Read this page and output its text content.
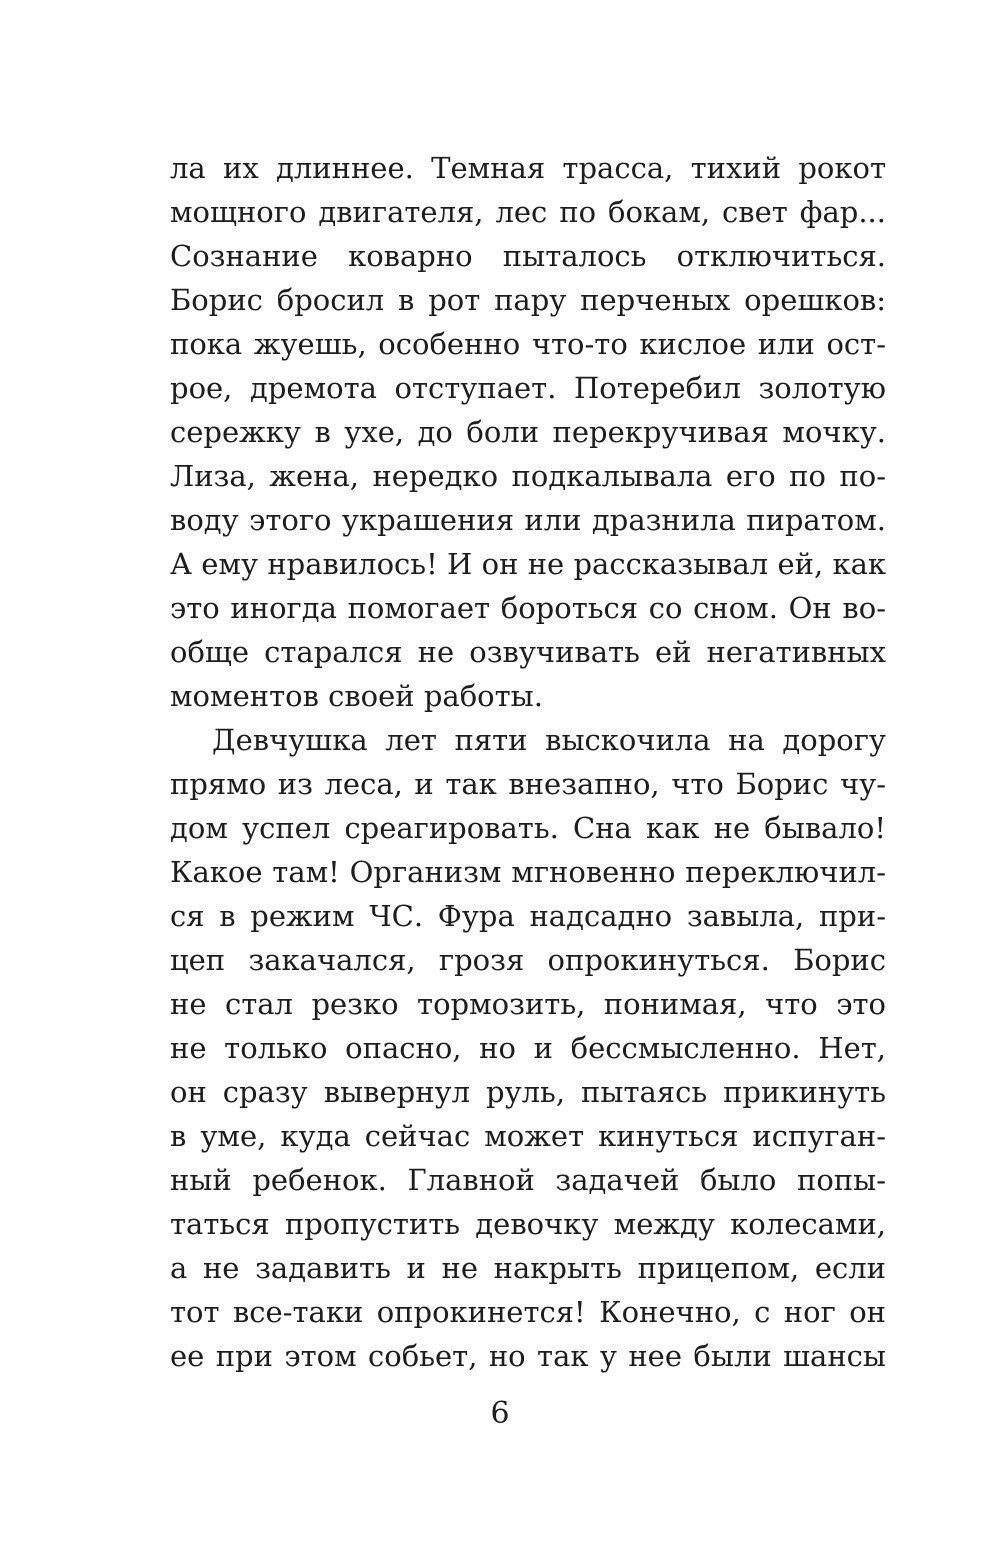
ла их длиннее. Темная трасса, тихий рокот
мощного двигателя, лес по бокам, свет фар...
Сознание коварно пыталось отключиться.
Борис бросил в рот пару перченых орешков:
пока жуешь, особенно что-то кислое или ост-
рое, дремота отступает. Потеребил золотую
сережку в ухе, до боли перекручивая мочку.
Лиза, жена, нередко подкалывала его по по-
воду этого украшения или дразнила пиратом.
А ему нравилось! И он не рассказывал ей, как
это иногда помогает бороться со сном. Он во-
обще старался не озвучивать ей негативных
моментов своей работы.
Девчушка лет пяти выскочила на дорогу
прямо из леса, и так внезапно, что Борис чу-
дом успел среагировать. Сна как не бывало!
Какое там! Организм мгновенно переключил-
ся в режим ЧС. Фура надсадно завыла, при-
цеп закачался, грозя опрокинуться. Борис
не стал резко тормозить, понимая, что это
не только опасно, но и бессмысленно. Нет,
он сразу вывернул руль, пытаясь прикинуть
в уме, куда сейчас может кинуться испуган-
ный ребенок. Главной задачей было попы-
таться пропустить девочку между колесами,
а не задавить и не накрыть прицепом, если
тот все-таки опрокинется! Конечно, с ног он
ее при этом собьет, но так у нее были шансы
6
